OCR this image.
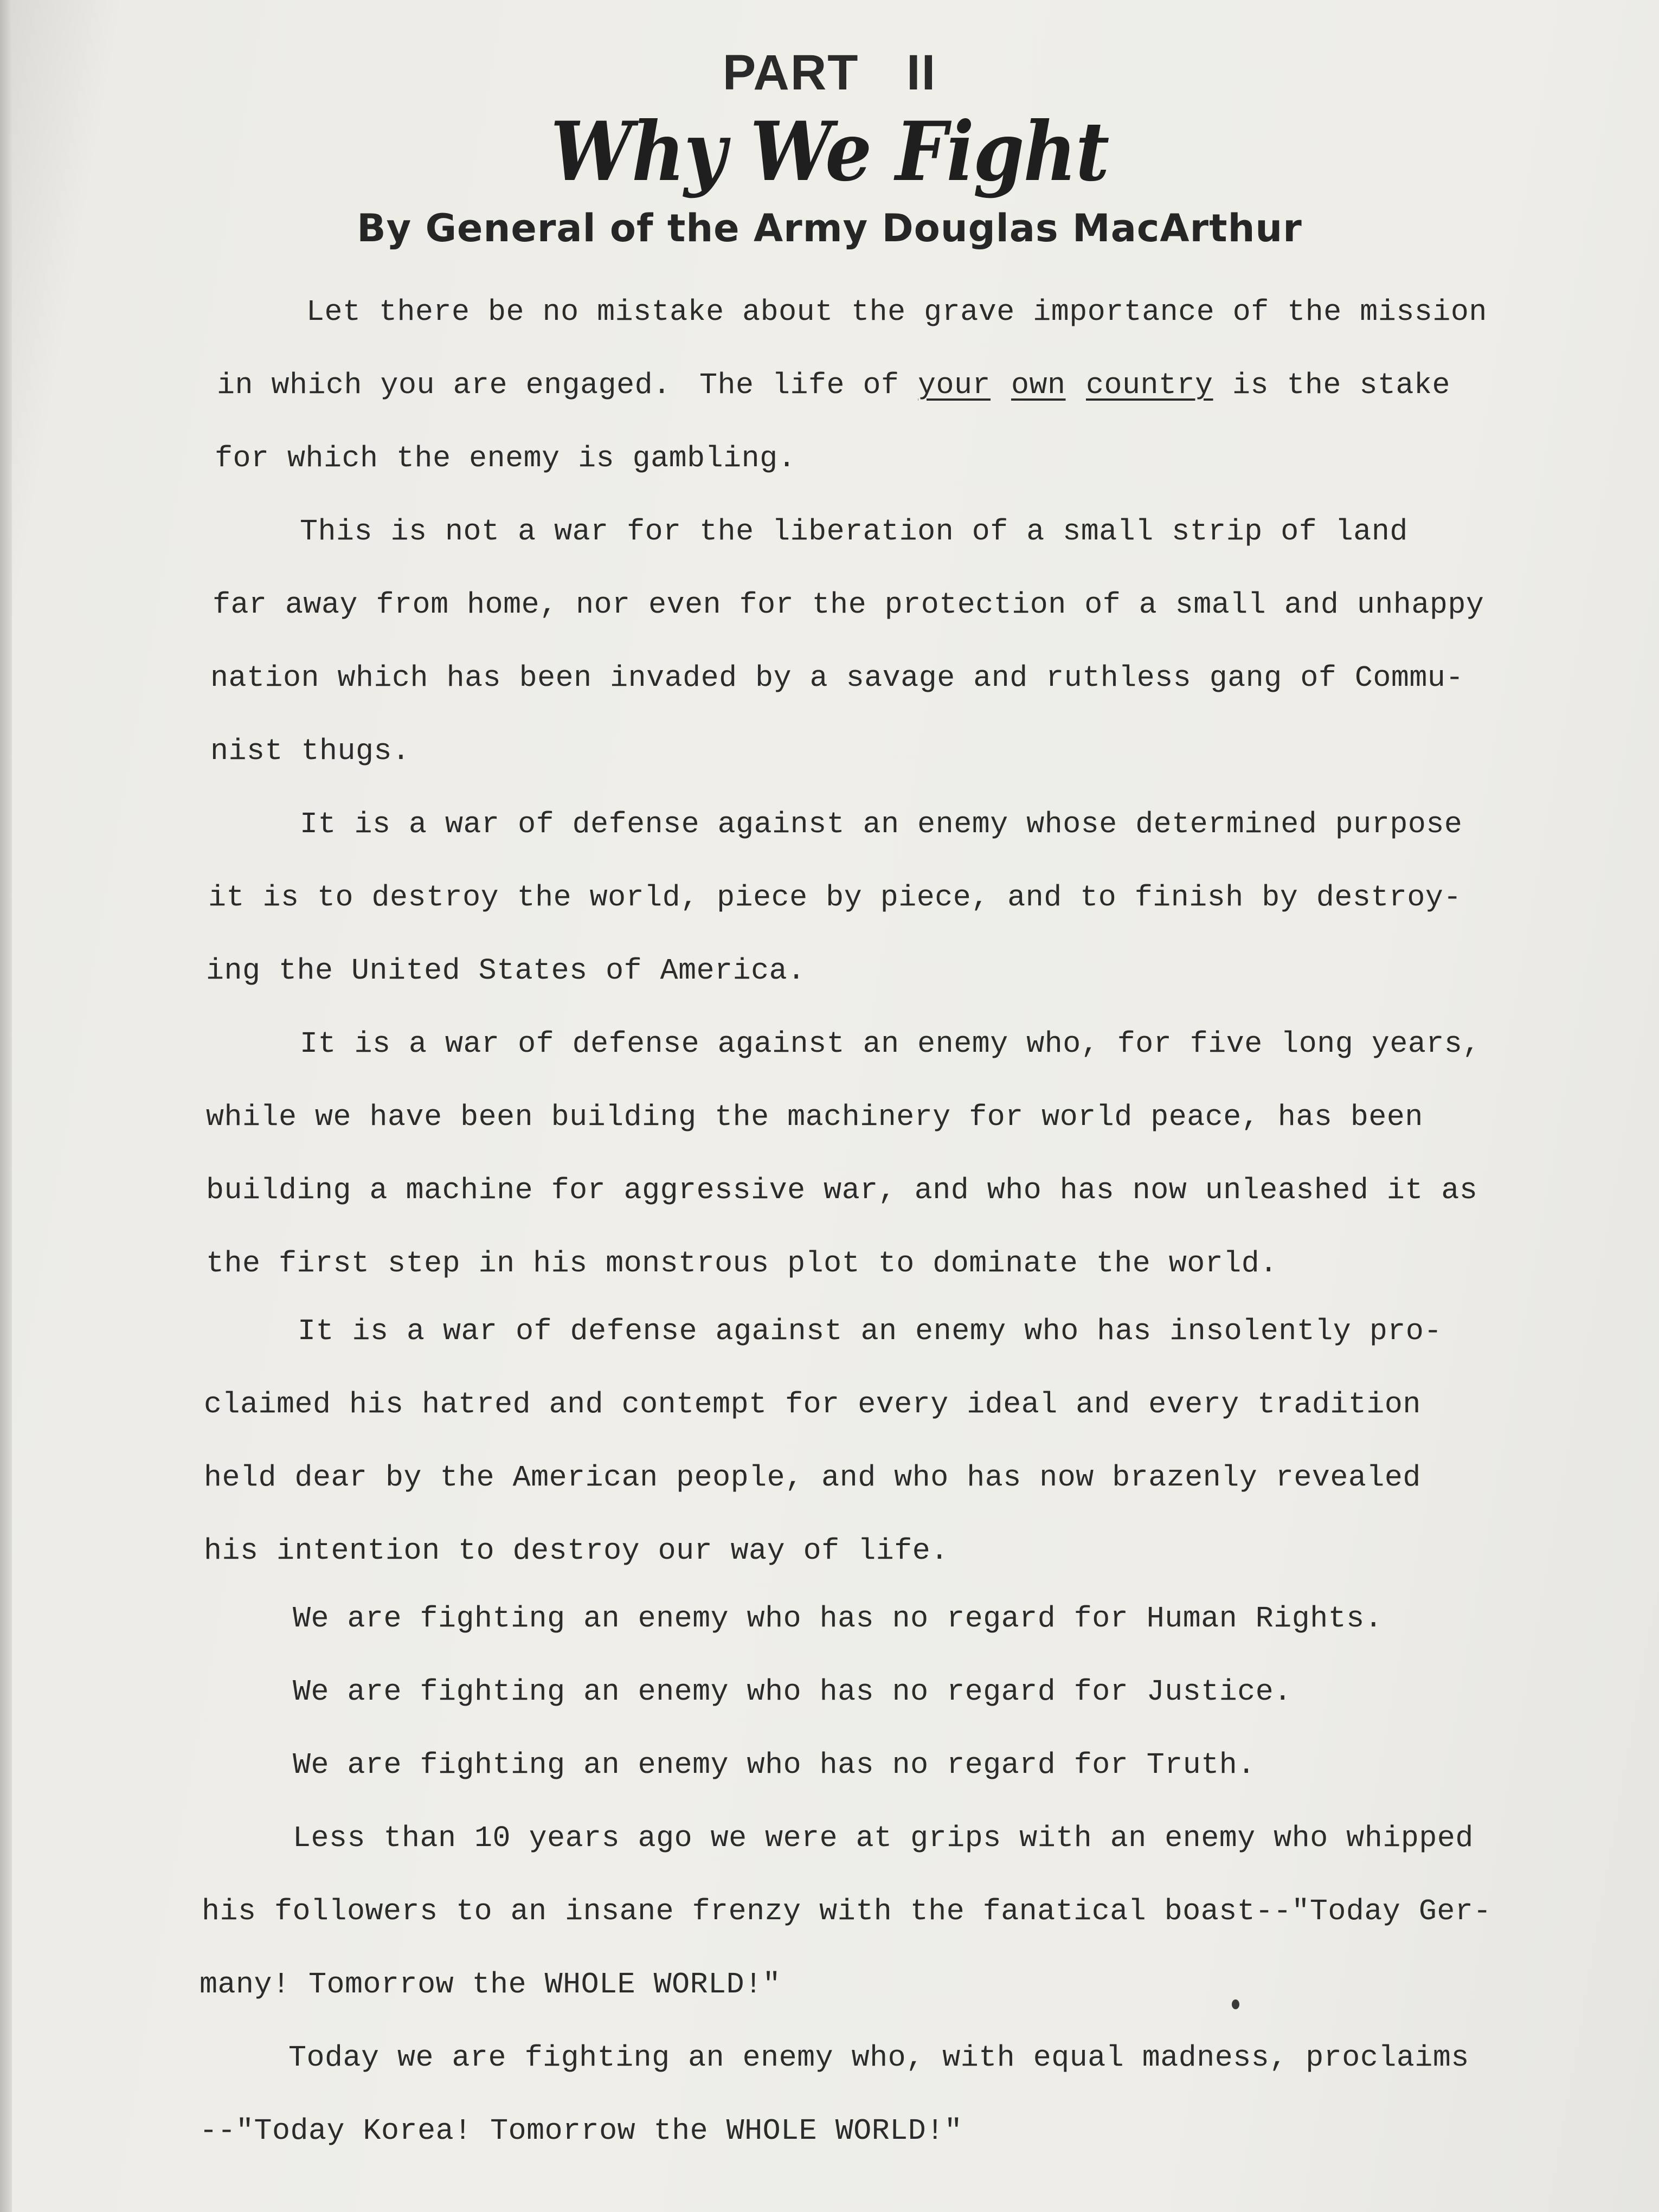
PART II
Why We Fight
By General of the Army Douglas MacArthur
Let there be no mistake about the grave importance of the mission
in which you are engaged. The life of your own country is the stake
for which the enemy is gambling.
This is not a war for the liberation of a small strip of land
far away from home, nor even for the protection of a small and unhappy
nation which has been invaded by a savage and ruthless gang of Commu-
nist thugs.
It is a war of defense against an enemy whose determined purpose
it is to destroy the world, piece by piece, and to finish by destroy-
ing the United States of America.
It is a war of defense against an enemy who, for five long years,
while we have been building the machinery for world peace, has been
building a machine for aggressive war, and who has now unleashed it as
the first step in his monstrous plot to dominate the world.
It is a war of defense against an enemy who has insolently pro-
claimed his hatred and contempt for every ideal and every tradition
held dear by the American people, and who has now brazenly revealed
his intention to destroy our way of life.
We are fighting an enemy who has no regard for Human Rights.
We are fighting an enemy who has no regard for Justice.
We are fighting an enemy who has no regard for Truth.
Less than 10 years ago we were at grips with an enemy who whipped
his followers to an insane frenzy with the fanatical boast--"Today Ger-
many! Tomorrow the WHOLE WORLD!"
Today we are fighting an enemy who, with equal madness, proclaims
--"Today Korea! Tomorrow the WHOLE WORLD!"
